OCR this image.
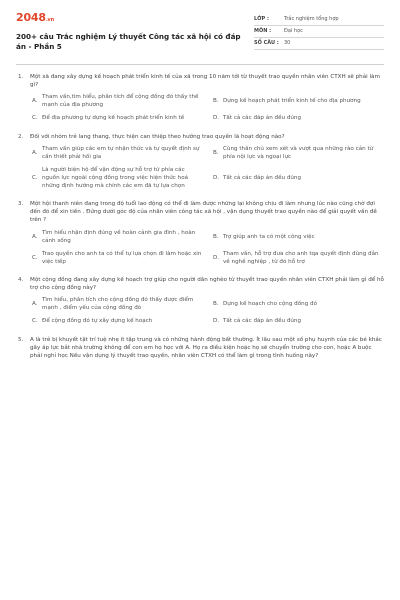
2048.vn
200+ câu Trắc nghiệm Lý thuyết Công tác xã hội có đáp án - Phần 5
LỚP :	Trắc nghiệm tổng hợp
MÔN :	Đại học
SỐ CÂU :	30
1.	Một xã đang xây dựng kế hoạch phát triển kinh tế của xã trong 10 năm tới từ thuyết trao quyền nhân viên CTXH sẽ phải làm gì?
A.
Tham vấn,tìm hiểu, phân tích để cộng đồng đó thấy thế mạnh của địa phương
B. Dựng kế hoạch phát triển kinh tế cho địa phương
C. Để địa phương tự dựng kế hoạch phát triển kinh tế	D. Tất cả các đáp án đều đúng
2.	Đối với nhóm trẻ lang thang, thực hiện can thiệp theo hướng trao quyền là hoạt động nào?
A.
Tham vấn giúp các em tự nhận thức và tự quyết định sự cần thiết phải hồi gia
B.
Cùng thân chủ xem xét và vượt qua những rào cản từ phía nội lực và ngoại lực
C.
Là người biện hộ để vận động sự hỗ trợ từ phía các nguồn lực ngoài cộng đồng trong việc hiện thức hoá những định hướng mà chính các em đã tự lựa chọn
D. Tất cả các đáp án đều đúng
3.	Một hội thanh niên đang trong độ tuổi lao động có thể đi làm được những lại không chịu đi làm nhưng lúc nào cũng chờ đợi đến đó để xin tiền . Đứng dưới góc độ của nhân viên công tác xã hội , vận dụng thuyết trao quyền nào để giải quyết vấn đề trên ?
A.
Tìm hiểu nhận định đúng về hoàn cảnh gia đình , hoàn cảnh sống
B. Trợ giúp anh ta có một công việc
C.
Trao quyền cho anh ta có thể tự lựa chọn đi làm hoặc xin việc tiếp
D.
Tham vấn, hỗ trợ đưa cho anh tqa quyết định đúng đắn về nghề nghiệp , từ đó hỗ trợ
4.	Một cộng đồng đang xây dựng kế hoạch trợ giúp cho người dân nghèo từ thuyết trao quyền nhân viên CTXH phải làm gì để hỗ trợ cho cộng đồng này?
A.
Tìm hiểu, phân tích cho cộng đồng đó thấy được điểm mạnh , điểm yếu của cộng đồng đó
B. Dựng kế hoạch cho cộng đồng đó
C. Để cộng đồng đó tự xây dựng kế hoạch	D. Tất cả các đáp án đều đúng
5.	A là trẻ bị khuyết tật trí tuệ nhẹ ít tập trung và có những hành động bất thường. Ít lâu sau một số phụ huynh của các bé khác gây áp lực bắt nhà trường không để con em họ học với A. Họ ra điều kiện hoặc họ sẽ chuyển trường cho con, hoặc A buộc phải nghỉ học Nếu vận dụng lý thuyết trao quyền, nhân viên CTXH có thể làm gì trong tình huống này?
